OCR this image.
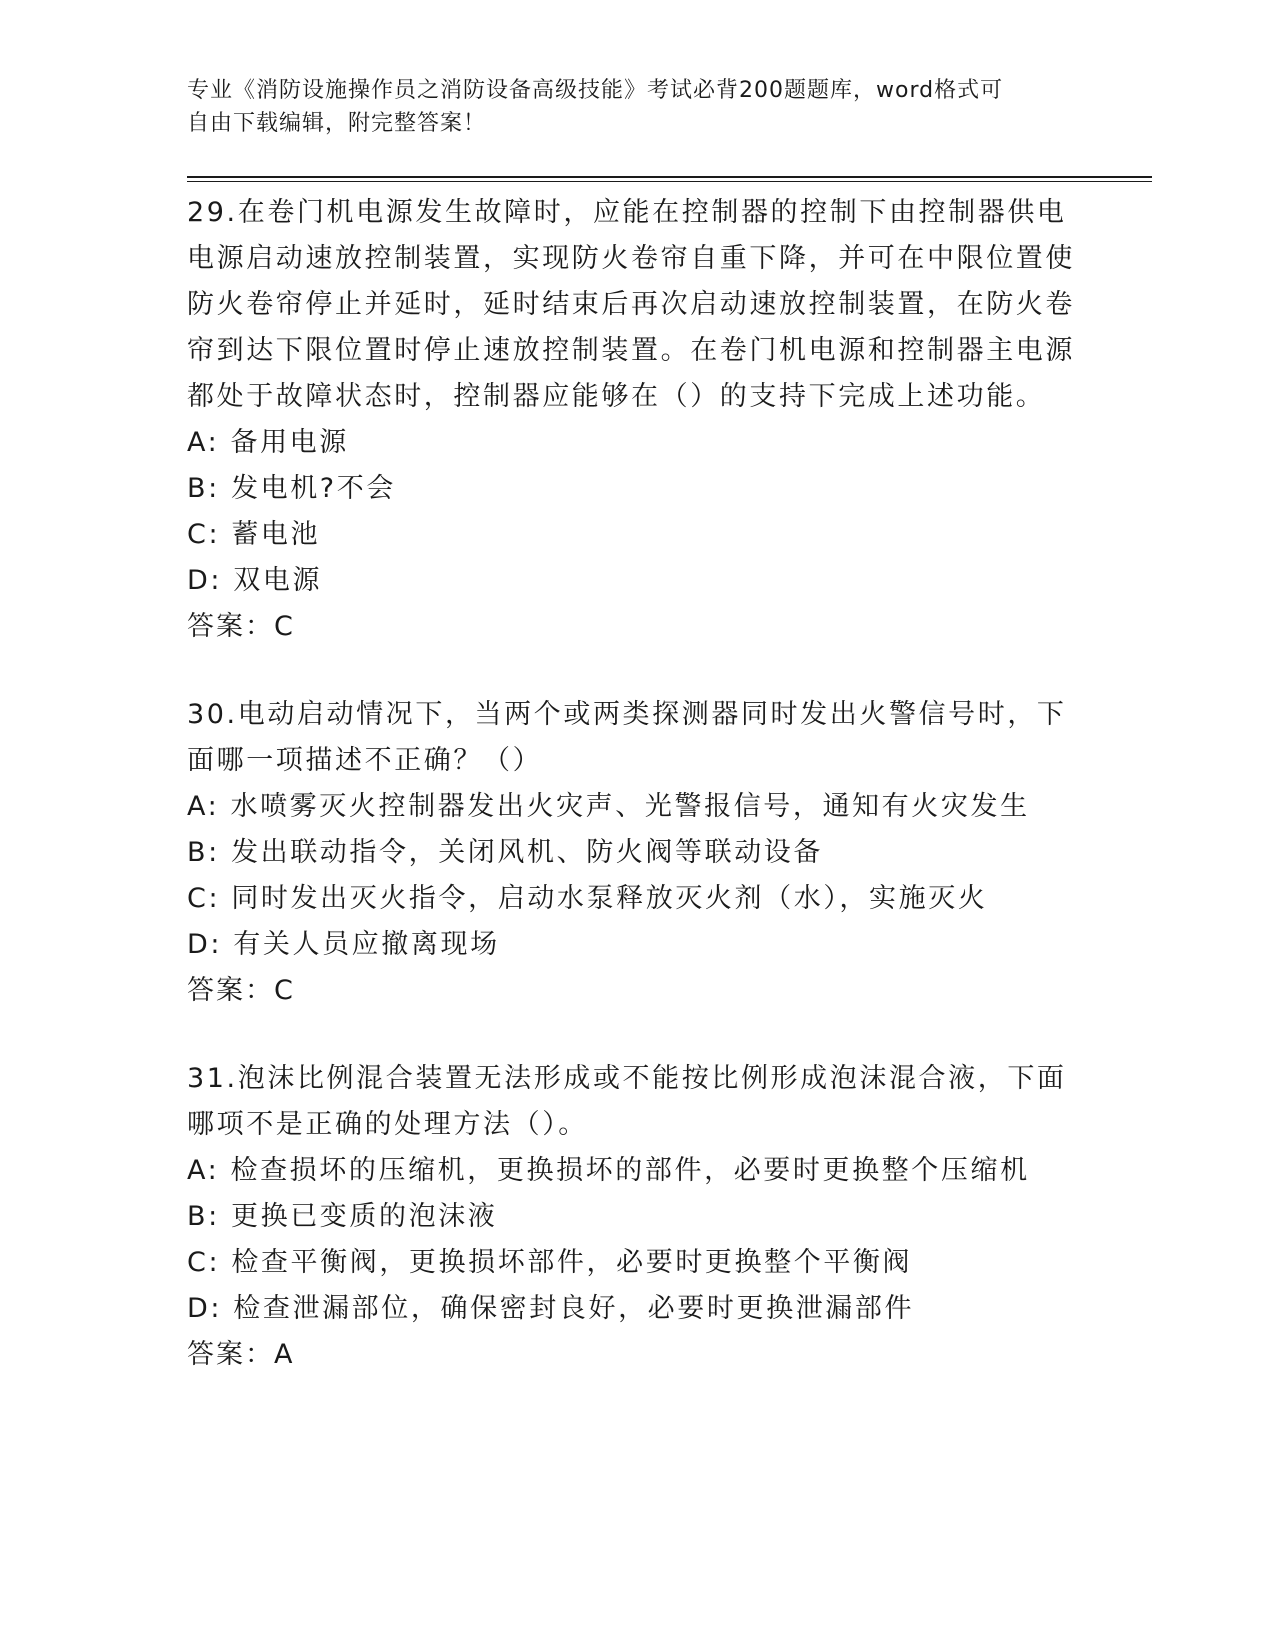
专业《消防设施操作员之消防设备高级技能》考试必背200题题库，word格式可
自由下载编辑，附完整答案！

29.在卷门机电源发生故障时，应能在控制器的控制下由控制器供电电源启动速放控制装置，实现防火卷帘自重下降，并可在中限位置使防火卷帘停止并延时，延时结束后再次启动速放控制装置，在防火卷帘到达下限位置时停止速放控制装置。在卷门机电源和控制器主电源都处于故障状态时，控制器应能够在（）的支持下完成上述功能。

A: 备用电源

B: 发电机?不会

C: 蓄电池

D: 双电源

答案：C

30.电动启动情况下，当两个或两类探测器同时发出火警信号时，下面哪一项描述不正确？（）

A: 水喷雾灭火控制器发出火灾声、光警报信号，通知有火灾发生

B: 发出联动指令，关闭风机、防火阀等联动设备

C: 同时发出灭火指令，启动水泵释放灭火剂（水），实施灭火

D: 有关人员应撤离现场

答案：C

31.泡沫比例混合装置无法形成或不能按比例形成泡沫混合液，下面哪项不是正确的处理方法（）。

A: 检查损坏的压缩机，更换损坏的部件，必要时更换整个压缩机

B: 更换已变质的泡沫液

C: 检查平衡阀，更换损坏部件，必要时更换整个平衡阀

D: 检查泄漏部位，确保密封良好，必要时更换泄漏部件

答案：A
